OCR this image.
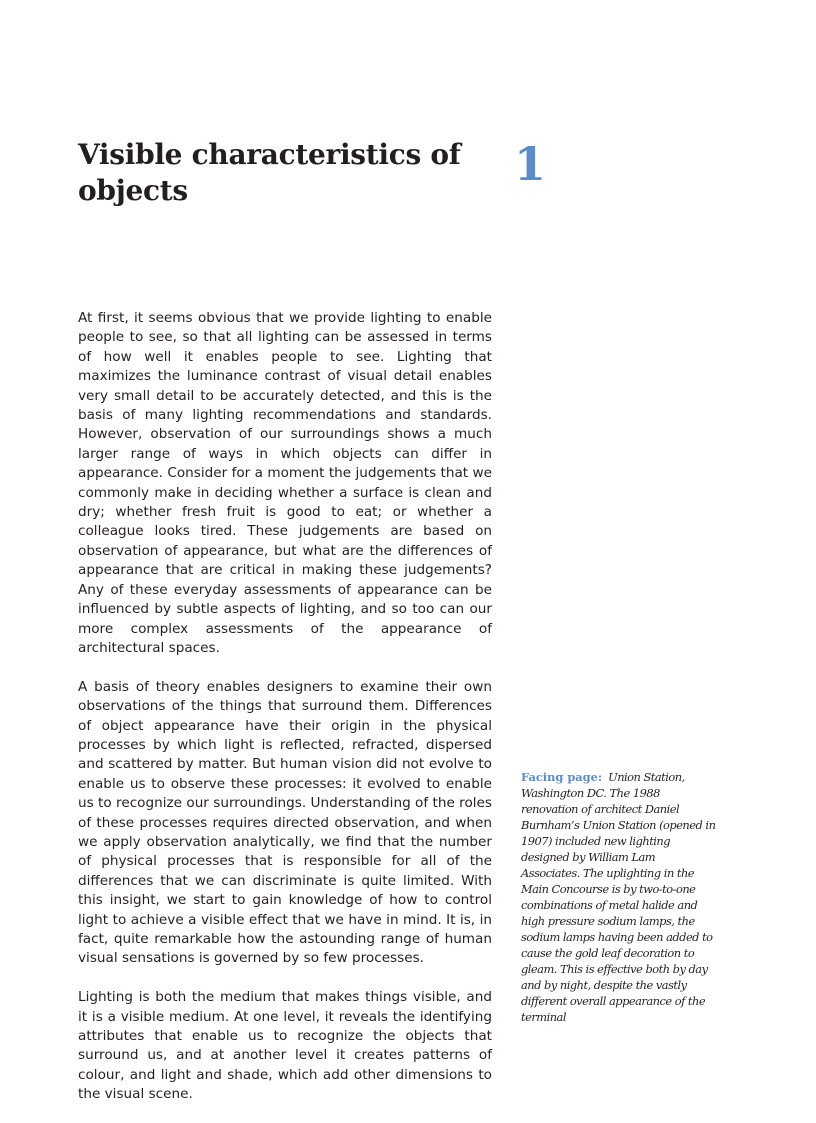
Visible characteristics of objects	1

At first, it seems obvious that we provide lighting to enable people to see, so that all lighting can be assessed in terms of how well it enables people to see. Lighting that maximizes the luminance contrast of visual detail enables very small detail to be accurately detected, and this is the basis of many lighting recommendations and standards. However, observation of our surroundings shows a much larger range of ways in which objects can differ in appearance. Consider for a moment the judgements that we commonly make in deciding whether a surface is clean and dry; whether fresh fruit is good to eat; or whether a colleague looks tired. These judgements are based on observation of appearance, but what are the differences of appearance that are critical in making these judgements? Any of these everyday assessments of appearance can be influenced by subtle aspects of lighting, and so too can our more complex assessments of the appearance of architectural spaces.

A basis of theory enables designers to examine their own observations of the things that surround them. Differences of object appearance have their origin in the physical processes by which light is reflected, refracted, dispersed and scattered by matter. But human vision did not evolve to enable us to observe these processes: it evolved to enable us to recognize our surroundings. Understanding of the roles of these processes requires directed observation, and when we apply observation analytically, we find that the number of physical processes that is responsible for all of the differences that we can discriminate is quite limited. With this insight, we start to gain knowledge of how to control light to achieve a visible effect that we have in mind. It is, in fact, quite remarkable how the astounding range of human visual sensations is governed by so few processes.

Lighting is both the medium that makes things visible, and it is a visible medium. At one level, it reveals the identifying attributes that enable us to recognize the objects that surround us, and at another level it creates patterns of colour, and light and shade, which add other dimensions to the visual scene.

Facing page: Union Station, Washington DC. The 1988 renovation of architect Daniel Burnham’s Union Station (opened in 1907) included new lighting designed by William Lam Associates. The uplighting in the Main Concourse is by two-to-one combinations of metal halide and high pressure sodium lamps, the sodium lamps having been added to cause the gold leaf decoration to gleam. This is effective both by day and by night, despite the vastly different overall appearance of the terminal
